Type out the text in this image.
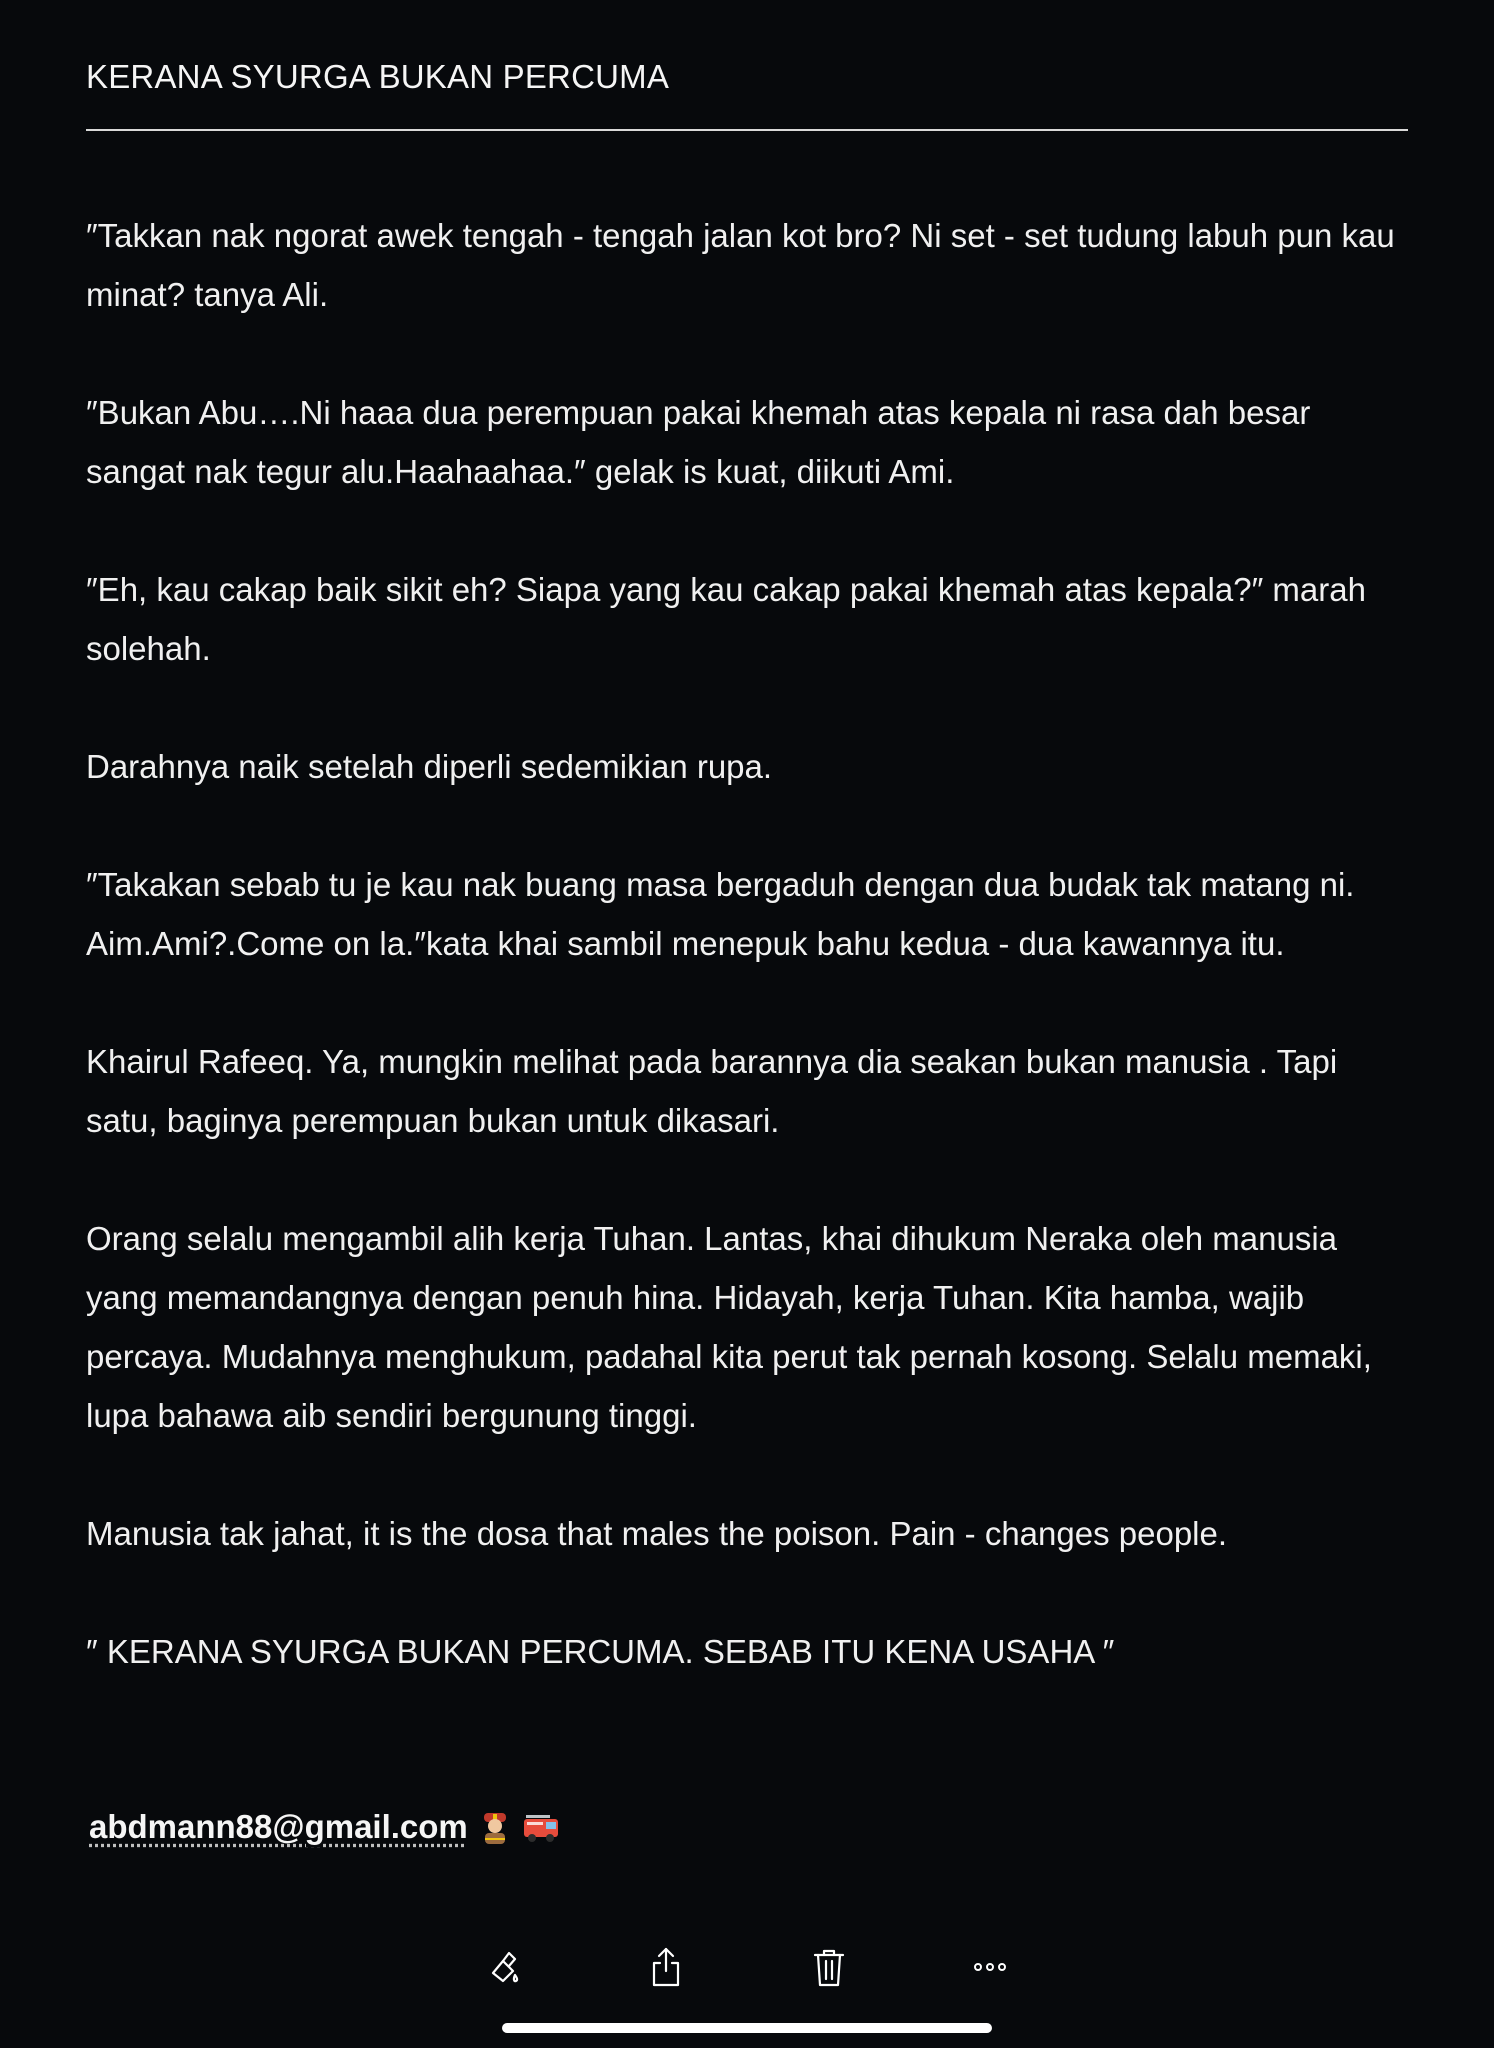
KERANA SYURGA BUKAN PERCUMA

″Takkan nak ngorat awek tengah - tengah jalan kot bro? Ni set - set tudung labuh pun kau minat? tanya Ali.

″Bukan Abu….Ni haaa dua perempuan pakai khemah atas kepala ni rasa dah besar sangat nak tegur alu.Haahaahaa.″ gelak is kuat, diikuti Ami.

″Eh, kau cakap baik sikit eh? Siapa yang kau cakap pakai khemah atas kepala?″ marah solehah.

Darahnya naik setelah diperli sedemikian rupa.

″Takakan sebab tu je kau nak buang masa bergaduh dengan dua budak tak matang ni. Aim.Ami?.Come on la.″kata khai sambil menepuk bahu kedua - dua kawannya itu.

Khairul Rafeeq. Ya, mungkin melihat pada barannya dia seakan bukan manusia . Tapi satu, baginya perempuan bukan untuk dikasari.

Orang selalu mengambil alih kerja Tuhan. Lantas, khai dihukum Neraka oleh manusia yang memandangnya dengan penuh hina. Hidayah, kerja Tuhan. Kita hamba, wajib percaya. Mudahnya menghukum, padahal kita perut tak pernah kosong. Selalu memaki, lupa bahawa aib sendiri bergunung tinggi.

Manusia tak jahat, it is the dosa that males the poison. Pain - changes people.

″ KERANA SYURGA BUKAN PERCUMA. SEBAB ITU KENA USAHA ″

abdmann88@gmail.com
